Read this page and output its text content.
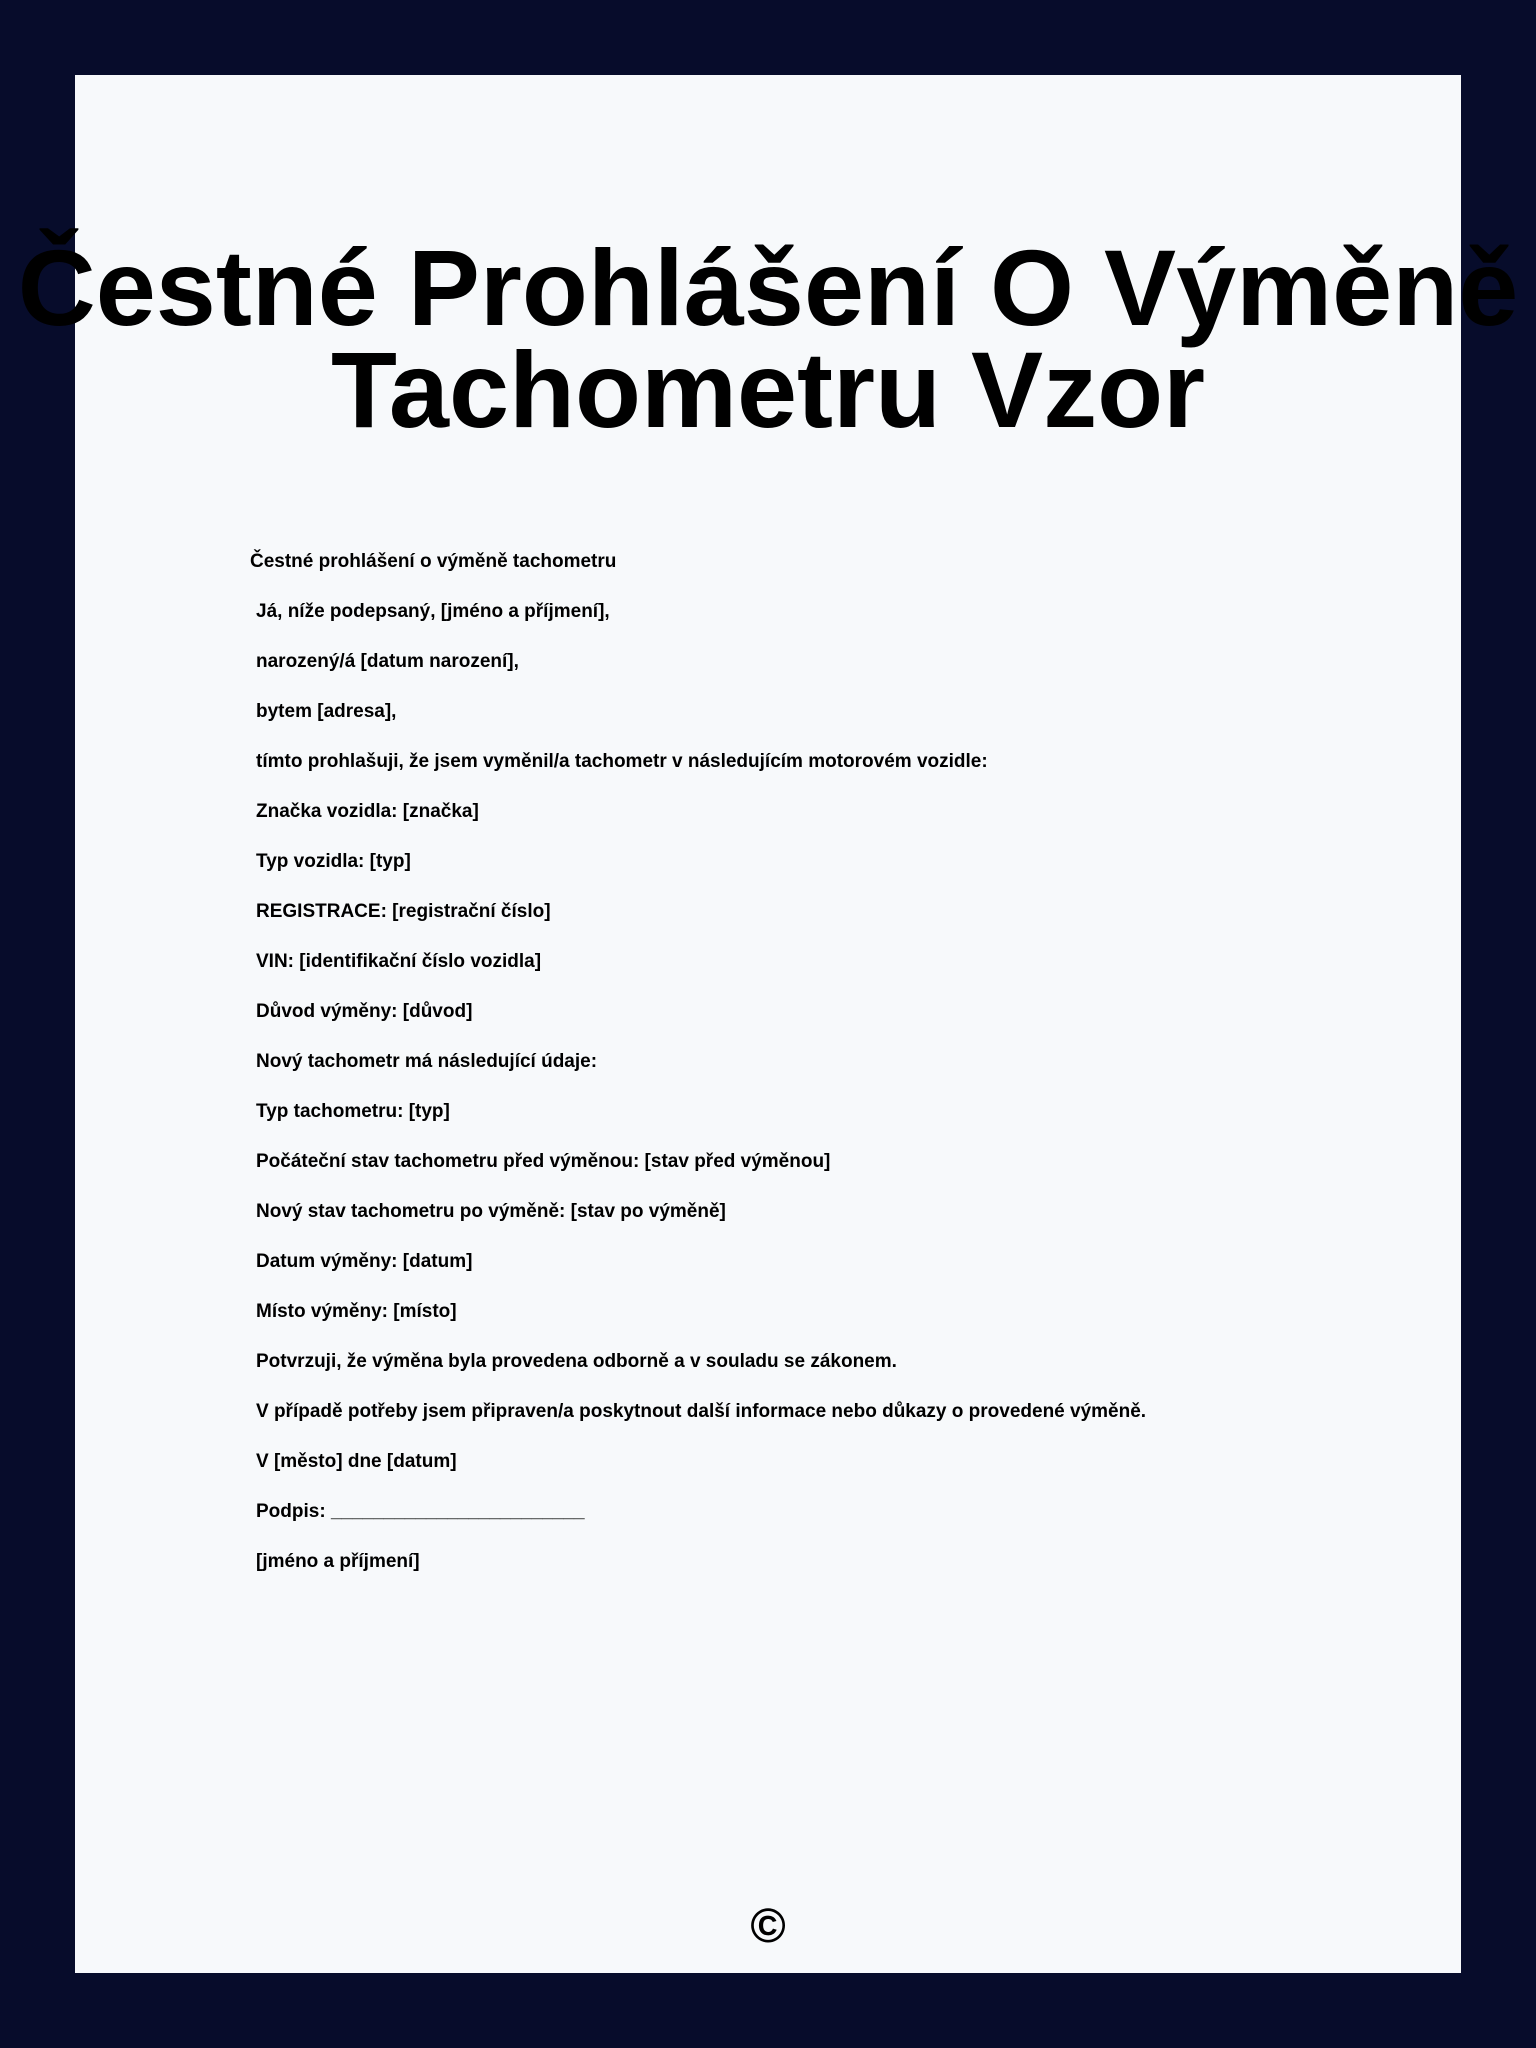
Čestné Prohlášení O Výměně
Tachometru Vzor
Čestné prohlášení o výměně tachometru
Já, níže podepsaný, [jméno a příjmení],
narozený/á [datum narození],
bytem [adresa],
tímto prohlašuji, že jsem vyměnil/a tachometr v následujícím motorovém vozidle:
Značka vozidla: [značka]
Typ vozidla: [typ]
REGISTRACE: [registrační číslo]
VIN: [identifikační číslo vozidla]
Důvod výměny: [důvod]
Nový tachometr má následující údaje:
Typ tachometru: [typ]
Počáteční stav tachometru před výměnou: [stav před výměnou]
Nový stav tachometru po výměně: [stav po výměně]
Datum výměny: [datum]
Místo výměny: [místo]
Potvrzuji, že výměna byla provedena odborně a v souladu se zákonem.
V případě potřeby jsem připraven/a poskytnout další informace nebo důkazy o provedené výměně.
V [město] dne [datum]
Podpis: ________________________
[jméno a příjmení]
©
